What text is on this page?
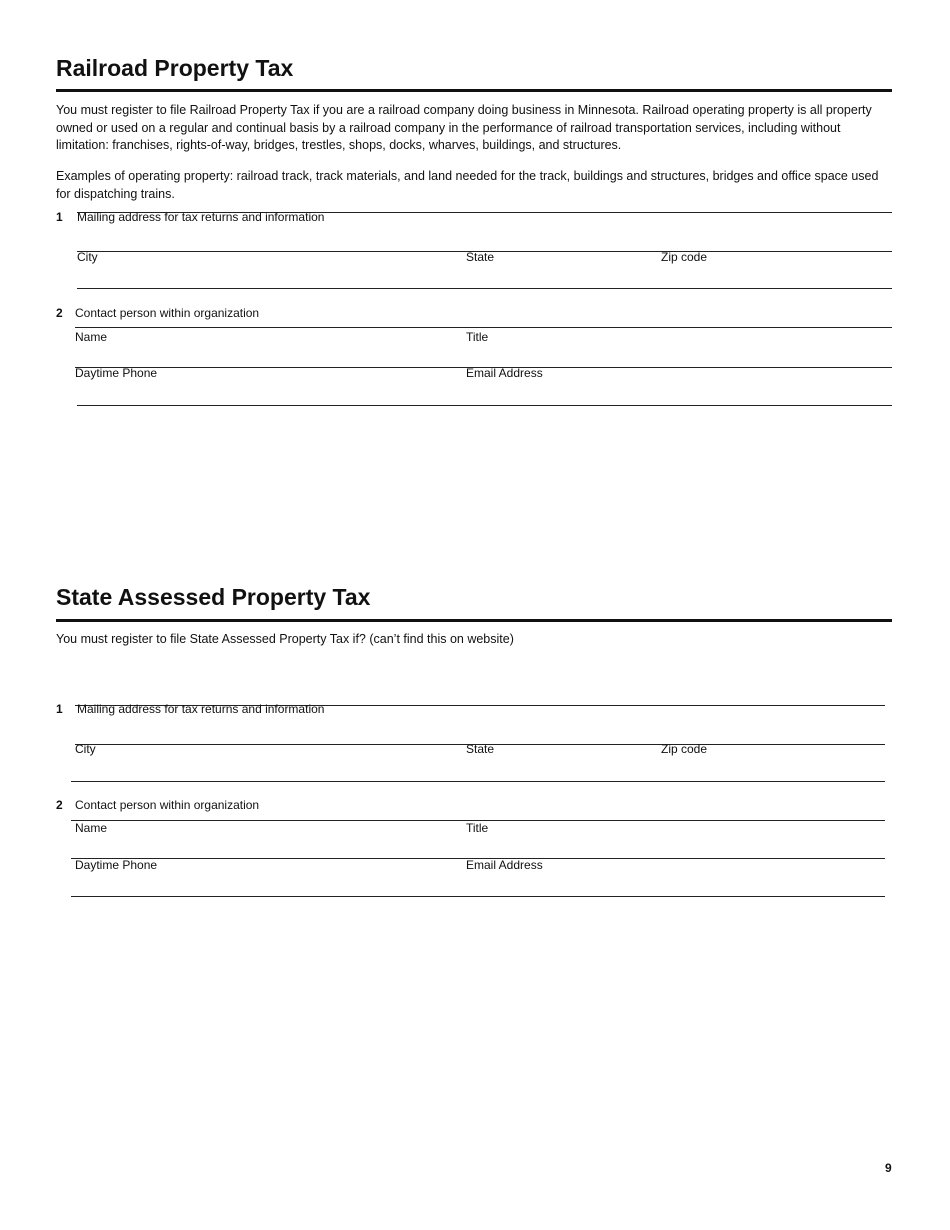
Railroad Property Tax
You must register to file Railroad Property Tax if you are a railroad company doing business in Minnesota. Railroad operating property is all property owned or used on a regular and continual basis by a railroad company in the performance of railroad transportation services, including without limitation: franchises, rights-of-way, bridges, trestles, shops, docks, wharves, buildings, and structures.
Examples of operating property: railroad track, track materials, and land needed for the track, buildings and structures, bridges and office space used for dispatching trains.
1 Mailing address for tax returns and information
City	State	Zip code
2 Contact person within organization
Name	Title
Daytime Phone	Email Address
State Assessed Property Tax
You must register to file State Assessed Property Tax if? (can’t find this on website)
1 Mailing address for tax returns and information
City	State	Zip code
2 Contact person within organization
Name	Title
Daytime Phone	Email Address
9
